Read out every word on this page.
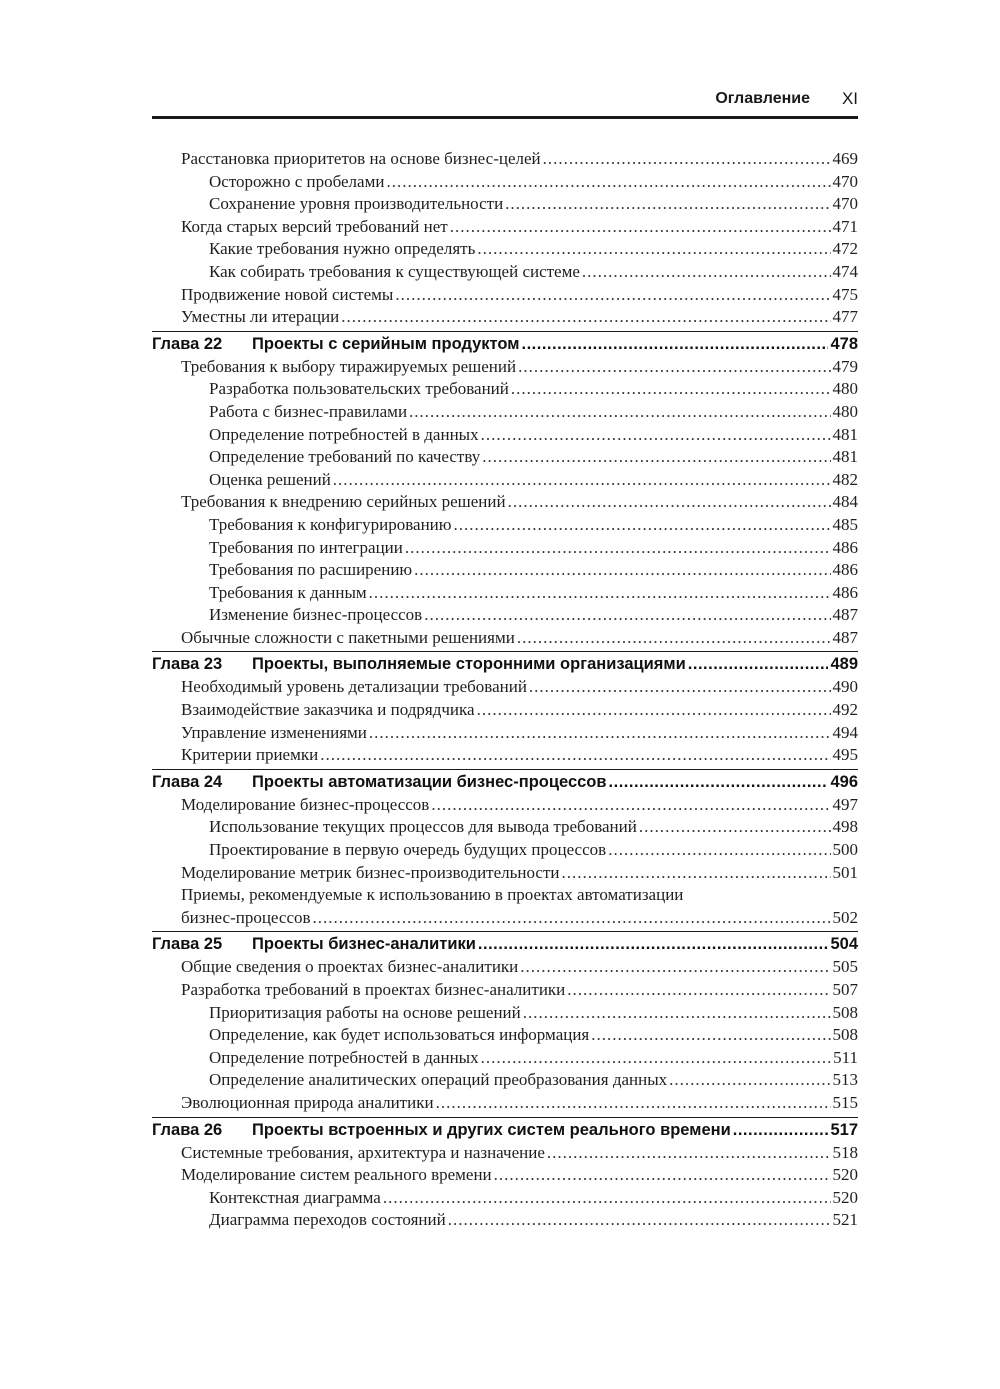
Оглавление XI
Расстановка приоритетов на основе бизнес-целей .....	469
Осторожно с пробелами .....	470
Сохранение уровня производительности .....	470
Когда старых версий требований нет .....	471
Какие требования нужно определять .....	472
Как собирать требования к существующей системе .....	474
Продвижение новой системы .....	475
Уместны ли итерации .....	477
Глава 22	Проекты с серийным продуктом .....	478
Требования к выбору тиражируемых решений .....	479
Разработка пользовательских требований .....	480
Работа с бизнес-правилами .....	480
Определение потребностей в данных .....	481
Определение требований по качеству .....	481
Оценка решений .....	482
Требования к внедрению серийных решений .....	484
Требования к конфигурированию .....	485
Требования по интеграции .....	486
Требования по расширению .....	486
Требования к данным .....	486
Изменение бизнес-процессов .....	487
Обычные сложности с пакетными решениями .....	487
Глава 23	Проекты, выполняемые сторонними организациями .....	489
Необходимый уровень детализации требований .....	490
Взаимодействие заказчика и подрядчика .....	492
Управление изменениями .....	494
Критерии приемки .....	495
Глава 24	Проекты автоматизации бизнес-процессов .....	496
Моделирование бизнес-процессов .....	497
Использование текущих процессов для вывода требований .....	498
Проектирование в первую очередь будущих процессов .....	500
Моделирование метрик бизнес-производительности .....	501
Приемы, рекомендуемые к использованию в проектах автоматизации
бизнес-процессов .....	502
Глава 25	Проекты бизнес-аналитики .....	504
Общие сведения о проектах бизнес-аналитики .....	505
Разработка требований в проектах бизнес-аналитики .....	507
Приоритизация работы на основе решений .....	508
Определение, как будет использоваться информация .....	508
Определение потребностей в данных .....	511
Определение аналитических операций преобразования данных .....	513
Эволюционная природа аналитики .....	515
Глава 26	Проекты встроенных и других систем реального времени .....	517
Системные требования, архитектура и назначение .....	518
Моделирование систем реального времени .....	520
Контекстная диаграмма .....	520
Диаграмма переходов состояний .....	521
